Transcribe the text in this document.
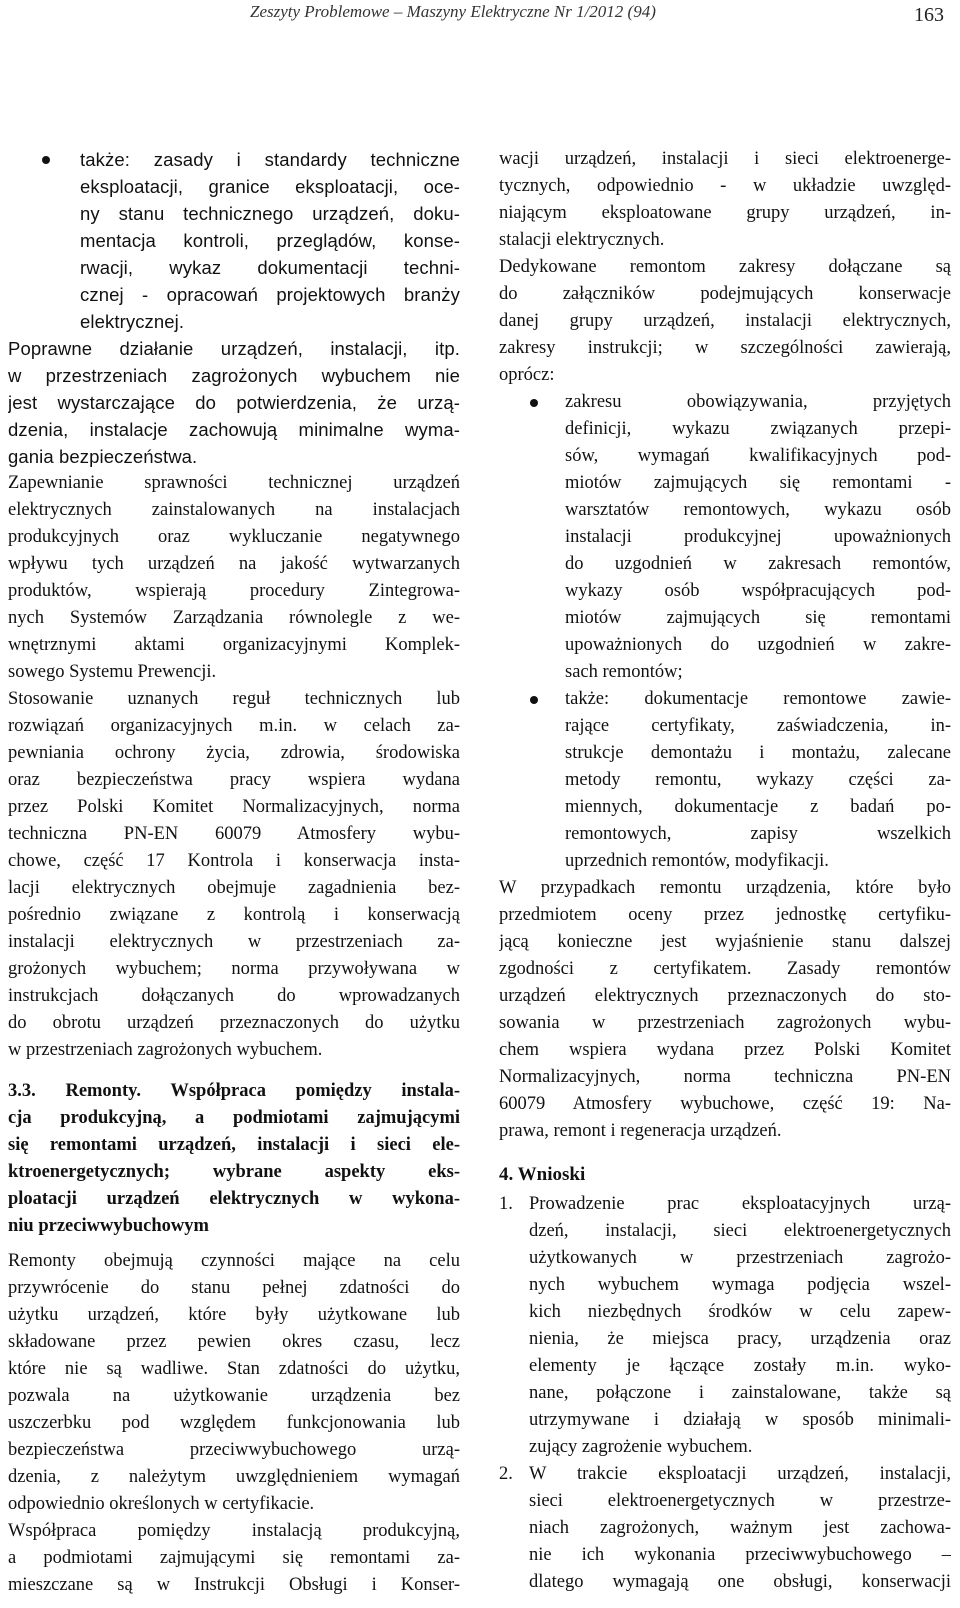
Zeszyty Problemowe – Maszyny Elektryczne Nr 1/2012 (94)	163
także: zasady i standardy techniczne
eksploatacji, granice eksploatacji, oce-
ny stanu technicznego urządzeń, doku-
mentacja kontroli, przeglądów, konse-
rwacji, wykaz dokumentacji techni-
cznej - opracowań projektowych branży
elektrycznej.
Poprawne działanie urządzeń, instalacji, itp.
w przestrzeniach zagrożonych wybuchem nie
jest wystarczające do potwierdzenia, że urzą-
dzenia, instalacje zachowują minimalne wyma-
gania bezpieczeństwa.
Zapewnianie sprawności technicznej urządzeń
elektrycznych zainstalowanych na instalacjach
produkcyjnych oraz wykluczanie negatywnego
wpływu tych urządzeń na jakość wytwarzanych
produktów, wspierają procedury Zintegrowa-
nych Systemów Zarządzania równolegle z we-
wnętrznymi aktami organizacyjnymi Komplek-
sowego Systemu Prewencji.
Stosowanie uznanych reguł technicznych lub
rozwiązań organizacyjnych m.in. w celach za-
pewniania ochrony życia, zdrowia, środowiska
oraz bezpieczeństwa pracy wspiera wydana
przez Polski Komitet Normalizacyjnych, norma
techniczna PN-EN 60079 Atmosfery wybu-
chowe, część 17 Kontrola i konserwacja insta-
lacji elektrycznych obejmuje zagadnienia bez-
pośrednio związane z kontrolą i konserwacją
instalacji elektrycznych w przestrzeniach za-
grożonych wybuchem; norma przywoływana w
instrukcjach dołączanych do wprowadzanych
do obrotu urządzeń przeznaczonych do użytku
w przestrzeniach zagrożonych wybuchem.
3.3. Remonty. Współpraca pomiędzy instala-
cja produkcyjną, a podmiotami zajmującymi
się remontami urządzeń, instalacji i sieci ele-
ktroenergetycznych; wybrane aspekty eks-
ploatacji urządzeń elektrycznych w wykona-
niu przeciwwybuchowym
Remonty obejmują czynności mające na celu
przywrócenie do stanu pełnej zdatności do
użytku urządzeń, które były użytkowane lub
składowane przez pewien okres czasu, lecz
które nie są wadliwe. Stan zdatności do użytku,
pozwala na użytkowanie urządzenia bez
uszczerbku pod względem funkcjonowania lub
bezpieczeństwa przeciwwybuchowego urzą-
dzenia, z należytym uwzględnieniem wymagań
odpowiednio określonych w certyfikacie.
Współpraca pomiędzy instalacją produkcyjną,
a podmiotami zajmującymi się remontami za-
mieszczane są w Instrukcji Obsługi i Konser-
wacji urządzeń, instalacji i sieci elektroenerge-
tycznych, odpowiednio - w układzie uwzględ-
niającym eksploatowane grupy urządzeń, in-
stalacji elektrycznych.
Dedykowane remontom zakresy dołączane są
do załączników podejmujących konserwacje
danej grupy urządzeń, instalacji elektrycznych,
zakresy instrukcji; w szczególności zawierają,
oprócz:
zakresu obowiązywania, przyjętych
definicji, wykazu związanych przepi-
sów, wymagań kwalifikacyjnych pod-
miotów zajmujących się remontami -
warsztatów remontowych, wykazu osób
instalacji produkcyjnej upoważnionych
do uzgodnień w zakresach remontów,
wykazy osób współpracujących pod-
miotów zajmujących się remontami
upoważnionych do uzgodnień w zakre-
sach remontów;
także: dokumentacje remontowe zawie-
rające certyfikaty, zaświadczenia, in-
strukcje demontażu i montażu, zalecane
metody remontu, wykazy części za-
miennych, dokumentacje z badań po-
remontowych, zapisy wszelkich
uprzednich remontów, modyfikacji.
W przypadkach remontu urządzenia, które było
przedmiotem oceny przez jednostkę certyfiku-
jącą konieczne jest wyjaśnienie stanu dalszej
zgodności z certyfikatem. Zasady remontów
urządzeń elektrycznych przeznaczonych do sto-
sowania w przestrzeniach zagrożonych wybu-
chem wspiera wydana przez Polski Komitet
Normalizacyjnych, norma techniczna PN-EN
60079 Atmosfery wybuchowe, część 19: Na-
prawa, remont i regeneracja urządzeń.
4. Wnioski
1. Prowadzenie prac eksploatacyjnych urzą-
dzeń, instalacji, sieci elektroenergetycznych
użytkowanych w przestrzeniach zagrożo-
nych wybuchem wymaga podjęcia wszel-
kich niezbędnych środków w celu zapew-
nienia, że miejsca pracy, urządzenia oraz
elementy je łączące zostały m.in. wyko-
nane, połączone i zainstalowane, także są
utrzymywane i działają w sposób minimali-
zujący zagrożenie wybuchem.
2. W trakcie eksploatacji urządzeń, instalacji,
sieci elektroenergetycznych w przestrze-
niach zagrożonych, ważnym jest zachowa-
nie ich wykonania przeciwwybuchowego –
dlatego wymagają one obsługi, konserwacji
